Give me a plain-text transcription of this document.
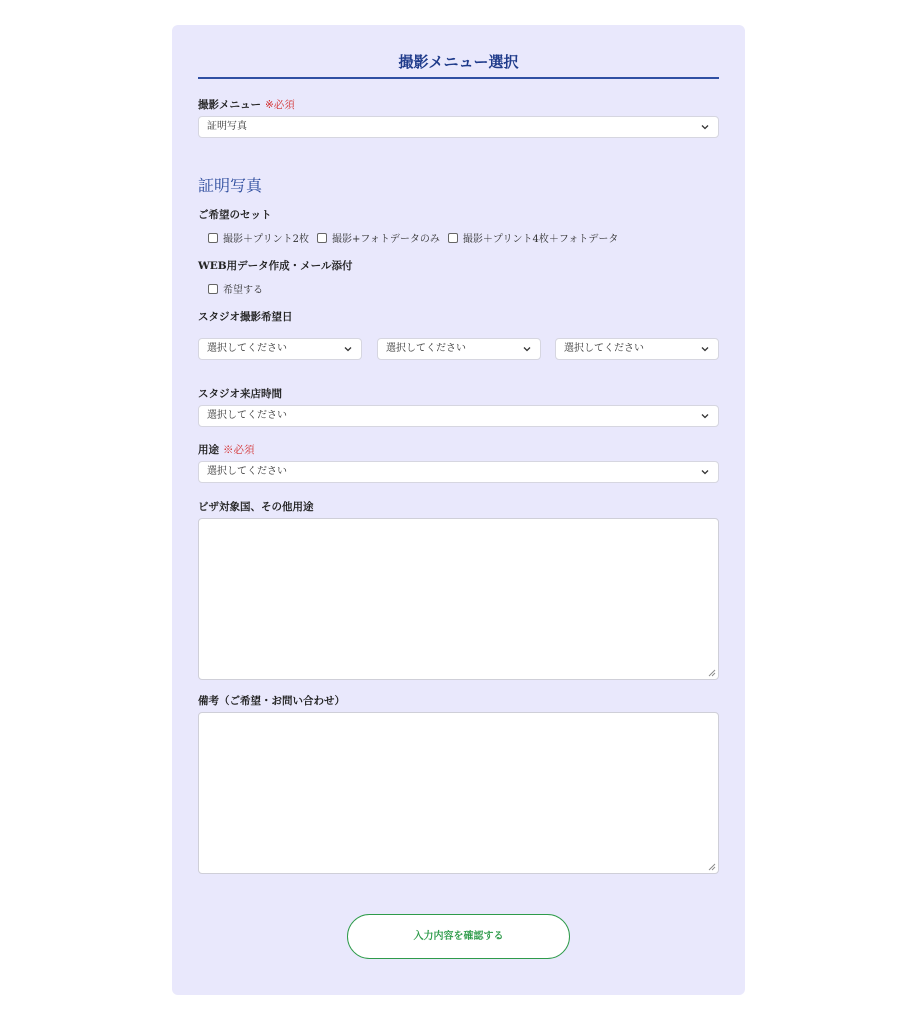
撮影メニュー選択
撮影メニュー ※必須
証明写真
証明写真
ご希望のセット
撮影＋プリント2枚 撮影+フォトデータのみ 撮影＋プリント4枚＋フォトデータ
WEB用データ作成・メール添付
希望する
スタジオ撮影希望日
選択してください	選択してください	選択してください
スタジオ来店時間
選択してください
用途 ※必須
選択してください
ビザ対象国、その他用途
備考（ご希望・お問い合わせ）
入力内容を確認する
